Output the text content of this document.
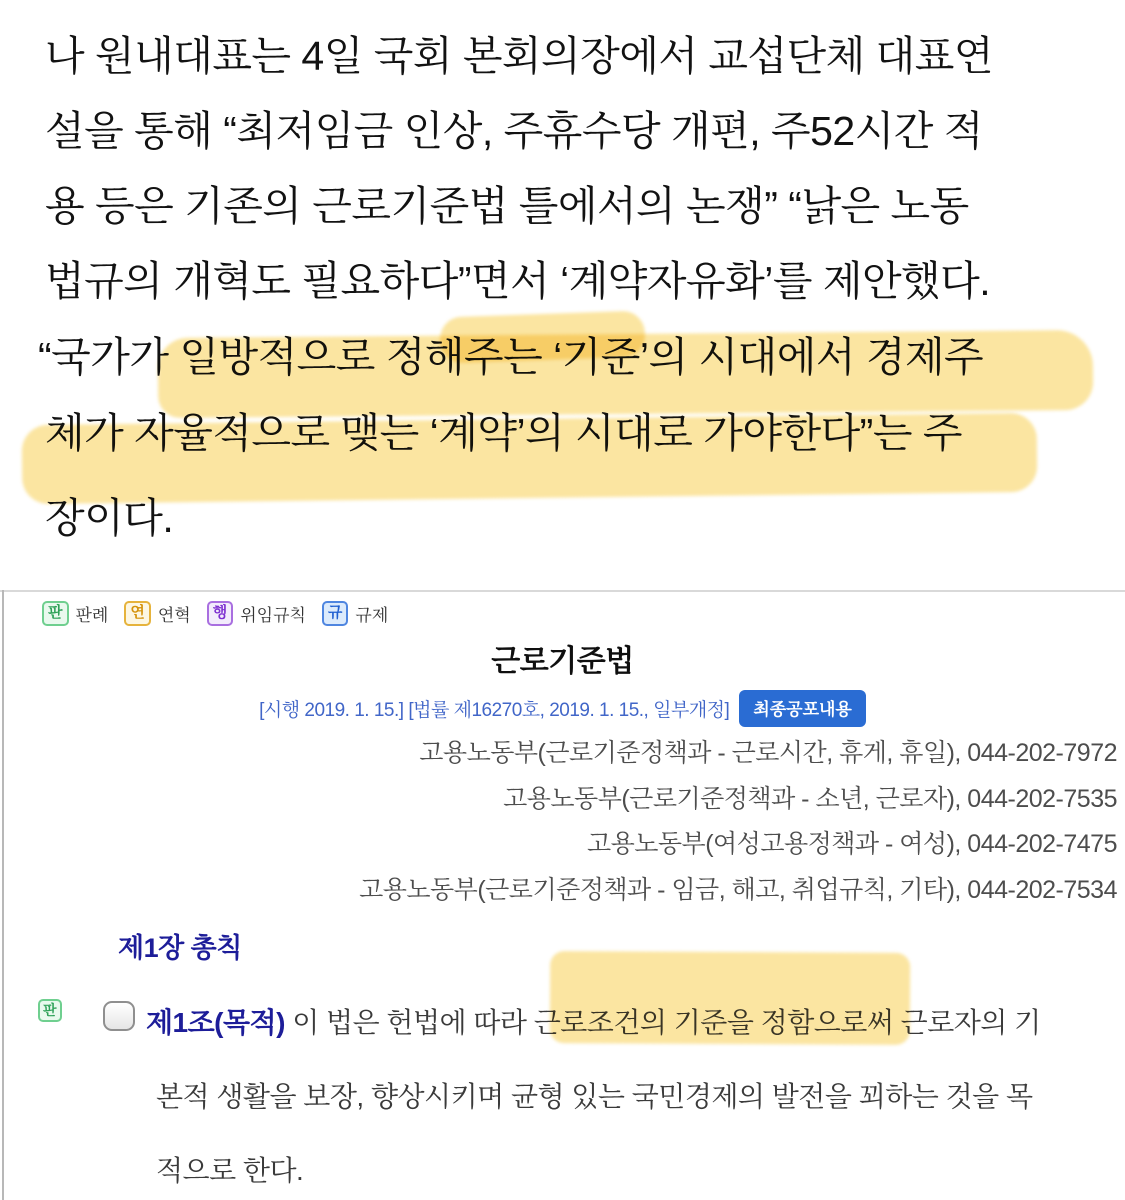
나 원내대표는 4일 국회 본회의장에서 교섭단체 대표연
설을 통해 “최저임금 인상, 주휴수당 개편, 주52시간 적
용 등은 기존의 근로기준법 틀에서의 논쟁” “낡은 노동
법규의 개혁도 필요하다”면서 ‘계약자유화’를 제안했다.
“국가가 일방적으로 정해주는 ‘기준’의 시대에서 경제주
체가 자율적으로 맺는 ‘계약’의 시대로 가야한다”는 주
장이다.
판 판례	연 연혁	행 위임규칙	규 규제
근로기준법
[시행 2019. 1. 15.] [법률 제16270호, 2019. 1. 15., 일부개정]	최종공포내용
고용노동부(근로기준정책과 - 근로시간, 휴게, 휴일), 044-202-7972
고용노동부(근로기준정책과 - 소년, 근로자), 044-202-7535
고용노동부(여성고용정책과 - 여성), 044-202-7475
고용노동부(근로기준정책과 - 임금, 해고, 취업규칙, 기타), 044-202-7534
제1장 총칙
판	제1조(목적) 이 법은 헌법에 따라 근로조건의 기준을 정함으로써 근로자의 기
본적 생활을 보장, 향상시키며 균형 있는 국민경제의 발전을 꾀하는 것을 목
적으로 한다.
